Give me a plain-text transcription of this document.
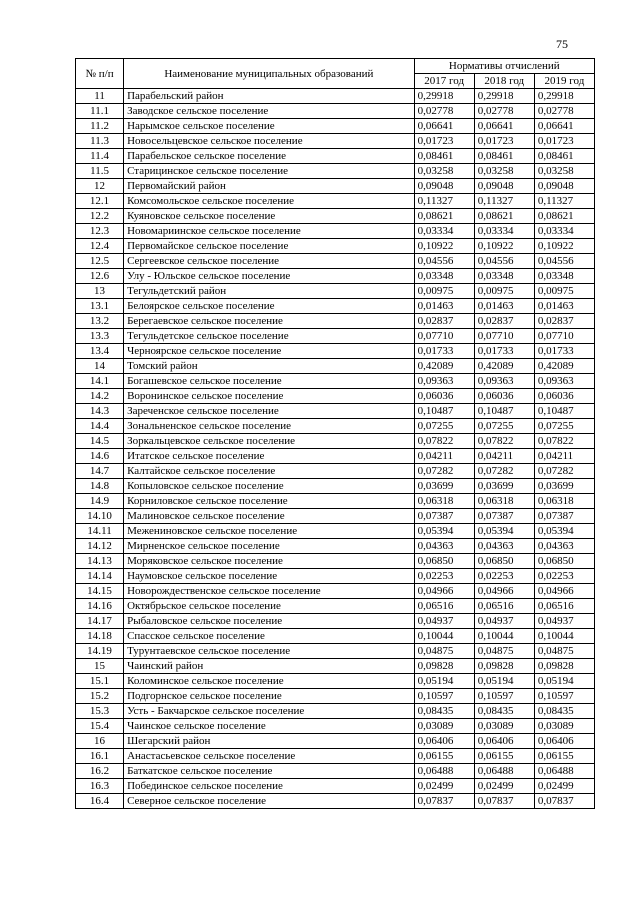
75
№ п/п	Наименование муниципальных образований	Нормативы отчислений		
		2017 год	2018 год	2019 год
11	Парабельский район	0,29918	0,29918	0,29918
11.1	Заводское сельское поселение	0,02778	0,02778	0,02778
11.2	Нарымское сельское поселение	0,06641	0,06641	0,06641
11.3	Новосельцевское сельское поселение	0,01723	0,01723	0,01723
11.4	Парабельское сельское поселение	0,08461	0,08461	0,08461
11.5	Старицинское сельское поселение	0,03258	0,03258	0,03258
12	Первомайский район	0,09048	0,09048	0,09048
12.1	Комсомольское сельское поселение	0,11327	0,11327	0,11327
12.2	Куяновское сельское поселение	0,08621	0,08621	0,08621
12.3	Новомариинское сельское поселение	0,03334	0,03334	0,03334
12.4	Первомайское сельское поселение	0,10922	0,10922	0,10922
12.5	Сергеевское сельское поселение	0,04556	0,04556	0,04556
12.6	Улу - Юльское сельское поселение	0,03348	0,03348	0,03348
13	Тегульдетский район	0,00975	0,00975	0,00975
13.1	Белоярское сельское поселение	0,01463	0,01463	0,01463
13.2	Берегаевское сельское поселение	0,02837	0,02837	0,02837
13.3	Тегульдетское сельское поселение	0,07710	0,07710	0,07710
13.4	Черноярское сельское поселение	0,01733	0,01733	0,01733
14	Томский район	0,42089	0,42089	0,42089
14.1	Богашевское сельское поселение	0,09363	0,09363	0,09363
14.2	Воронинское сельское поселение	0,06036	0,06036	0,06036
14.3	Зареченское сельское поселение	0,10487	0,10487	0,10487
14.4	Зональненское сельское поселение	0,07255	0,07255	0,07255
14.5	Зоркальцевское сельское поселение	0,07822	0,07822	0,07822
14.6	Итатское сельское поселение	0,04211	0,04211	0,04211
14.7	Калтайское сельское поселение	0,07282	0,07282	0,07282
14.8	Копыловское сельское поселение	0,03699	0,03699	0,03699
14.9	Корниловское сельское поселение	0,06318	0,06318	0,06318
14.10	Малиновское сельское поселение	0,07387	0,07387	0,07387
14.11	Межениновское сельское поселение	0,05394	0,05394	0,05394
14.12	Мирненское сельское поселение	0,04363	0,04363	0,04363
14.13	Моряковское сельское поселение	0,06850	0,06850	0,06850
14.14	Наумовское сельское поселение	0,02253	0,02253	0,02253
14.15	Новорождественское сельское поселение	0,04966	0,04966	0,04966
14.16	Октябрьское сельское поселение	0,06516	0,06516	0,06516
14.17	Рыбаловское сельское поселение	0,04937	0,04937	0,04937
14.18	Спасское сельское поселение	0,10044	0,10044	0,10044
14.19	Турунтаевское сельское поселение	0,04875	0,04875	0,04875
15	Чаинский район	0,09828	0,09828	0,09828
15.1	Коломинское сельское поселение	0,05194	0,05194	0,05194
15.2	Подгорнское сельское поселение	0,10597	0,10597	0,10597
15.3	Усть - Бакчарское сельское поселение	0,08435	0,08435	0,08435
15.4	Чаинское сельское поселение	0,03089	0,03089	0,03089
16	Шегарский район	0,06406	0,06406	0,06406
16.1	Анастасьевское сельское поселение	0,06155	0,06155	0,06155
16.2	Баткатское сельское поселение	0,06488	0,06488	0,06488
16.3	Побединское сельское поселение	0,02499	0,02499	0,02499
16.4	Северное сельское поселение	0,07837	0,07837	0,07837
